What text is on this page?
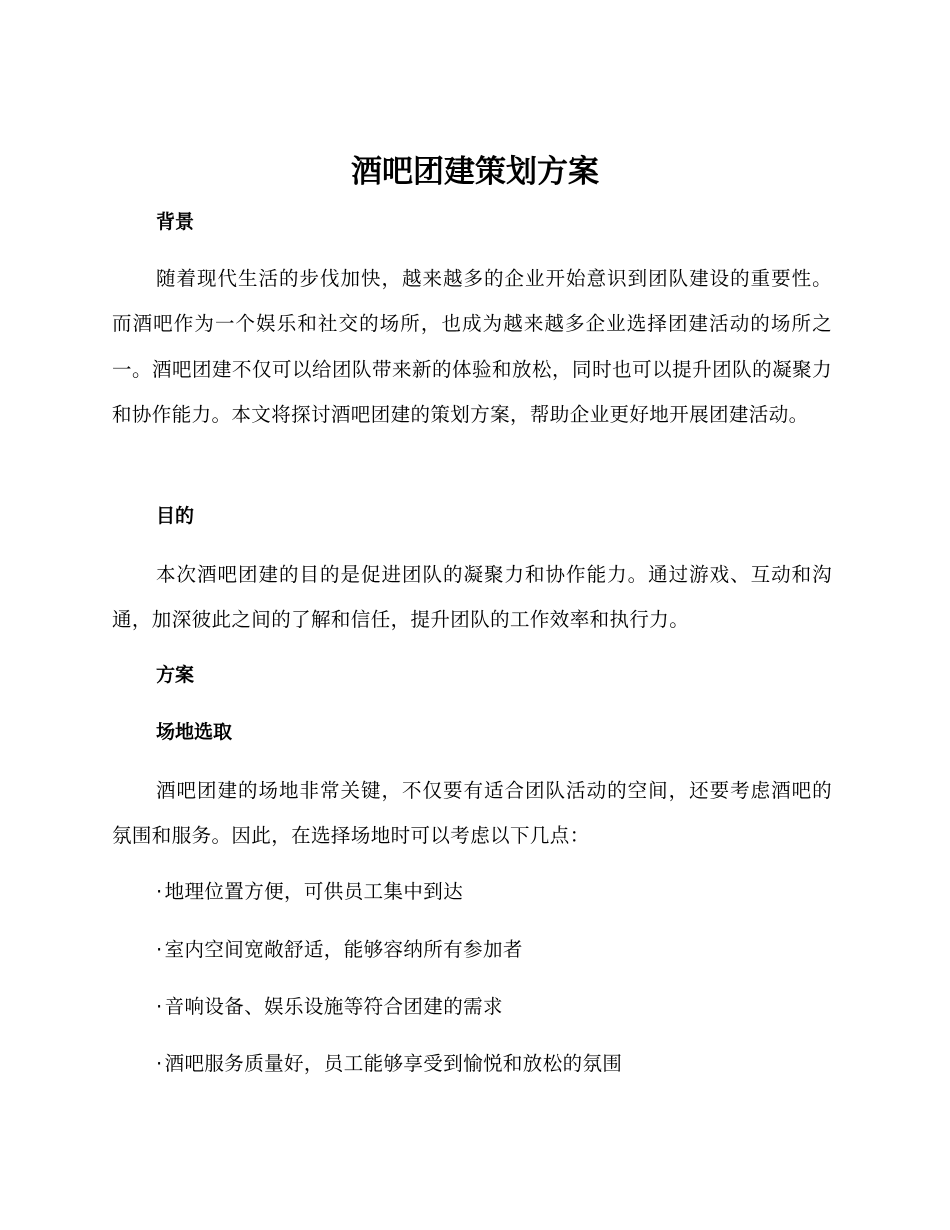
酒吧团建策划方案
背景

随着现代生活的步伐加快，越来越多的企业开始意识到团队建设的重要性。而酒吧作为一个娱乐和社交的场所，也成为越来越多企业选择团建活动的场所之一。酒吧团建不仅可以给团队带来新的体验和放松，同时也可以提升团队的凝聚力和协作能力。本文将探讨酒吧团建的策划方案，帮助企业更好地开展团建活动。

目的

本次酒吧团建的目的是促进团队的凝聚力和协作能力。通过游戏、互动和沟通，加深彼此之间的了解和信任，提升团队的工作效率和执行力。

方案
场地选取

酒吧团建的场地非常关键，不仅要有适合团队活动的空间，还要考虑酒吧的氛围和服务。因此，在选择场地时可以考虑以下几点：

· 地理位置方便，可供员工集中到达
· 室内空间宽敞舒适，能够容纳所有参加者
· 音响设备、娱乐设施等符合团建的需求
· 酒吧服务质量好，员工能够享受到愉悦和放松的氛围
